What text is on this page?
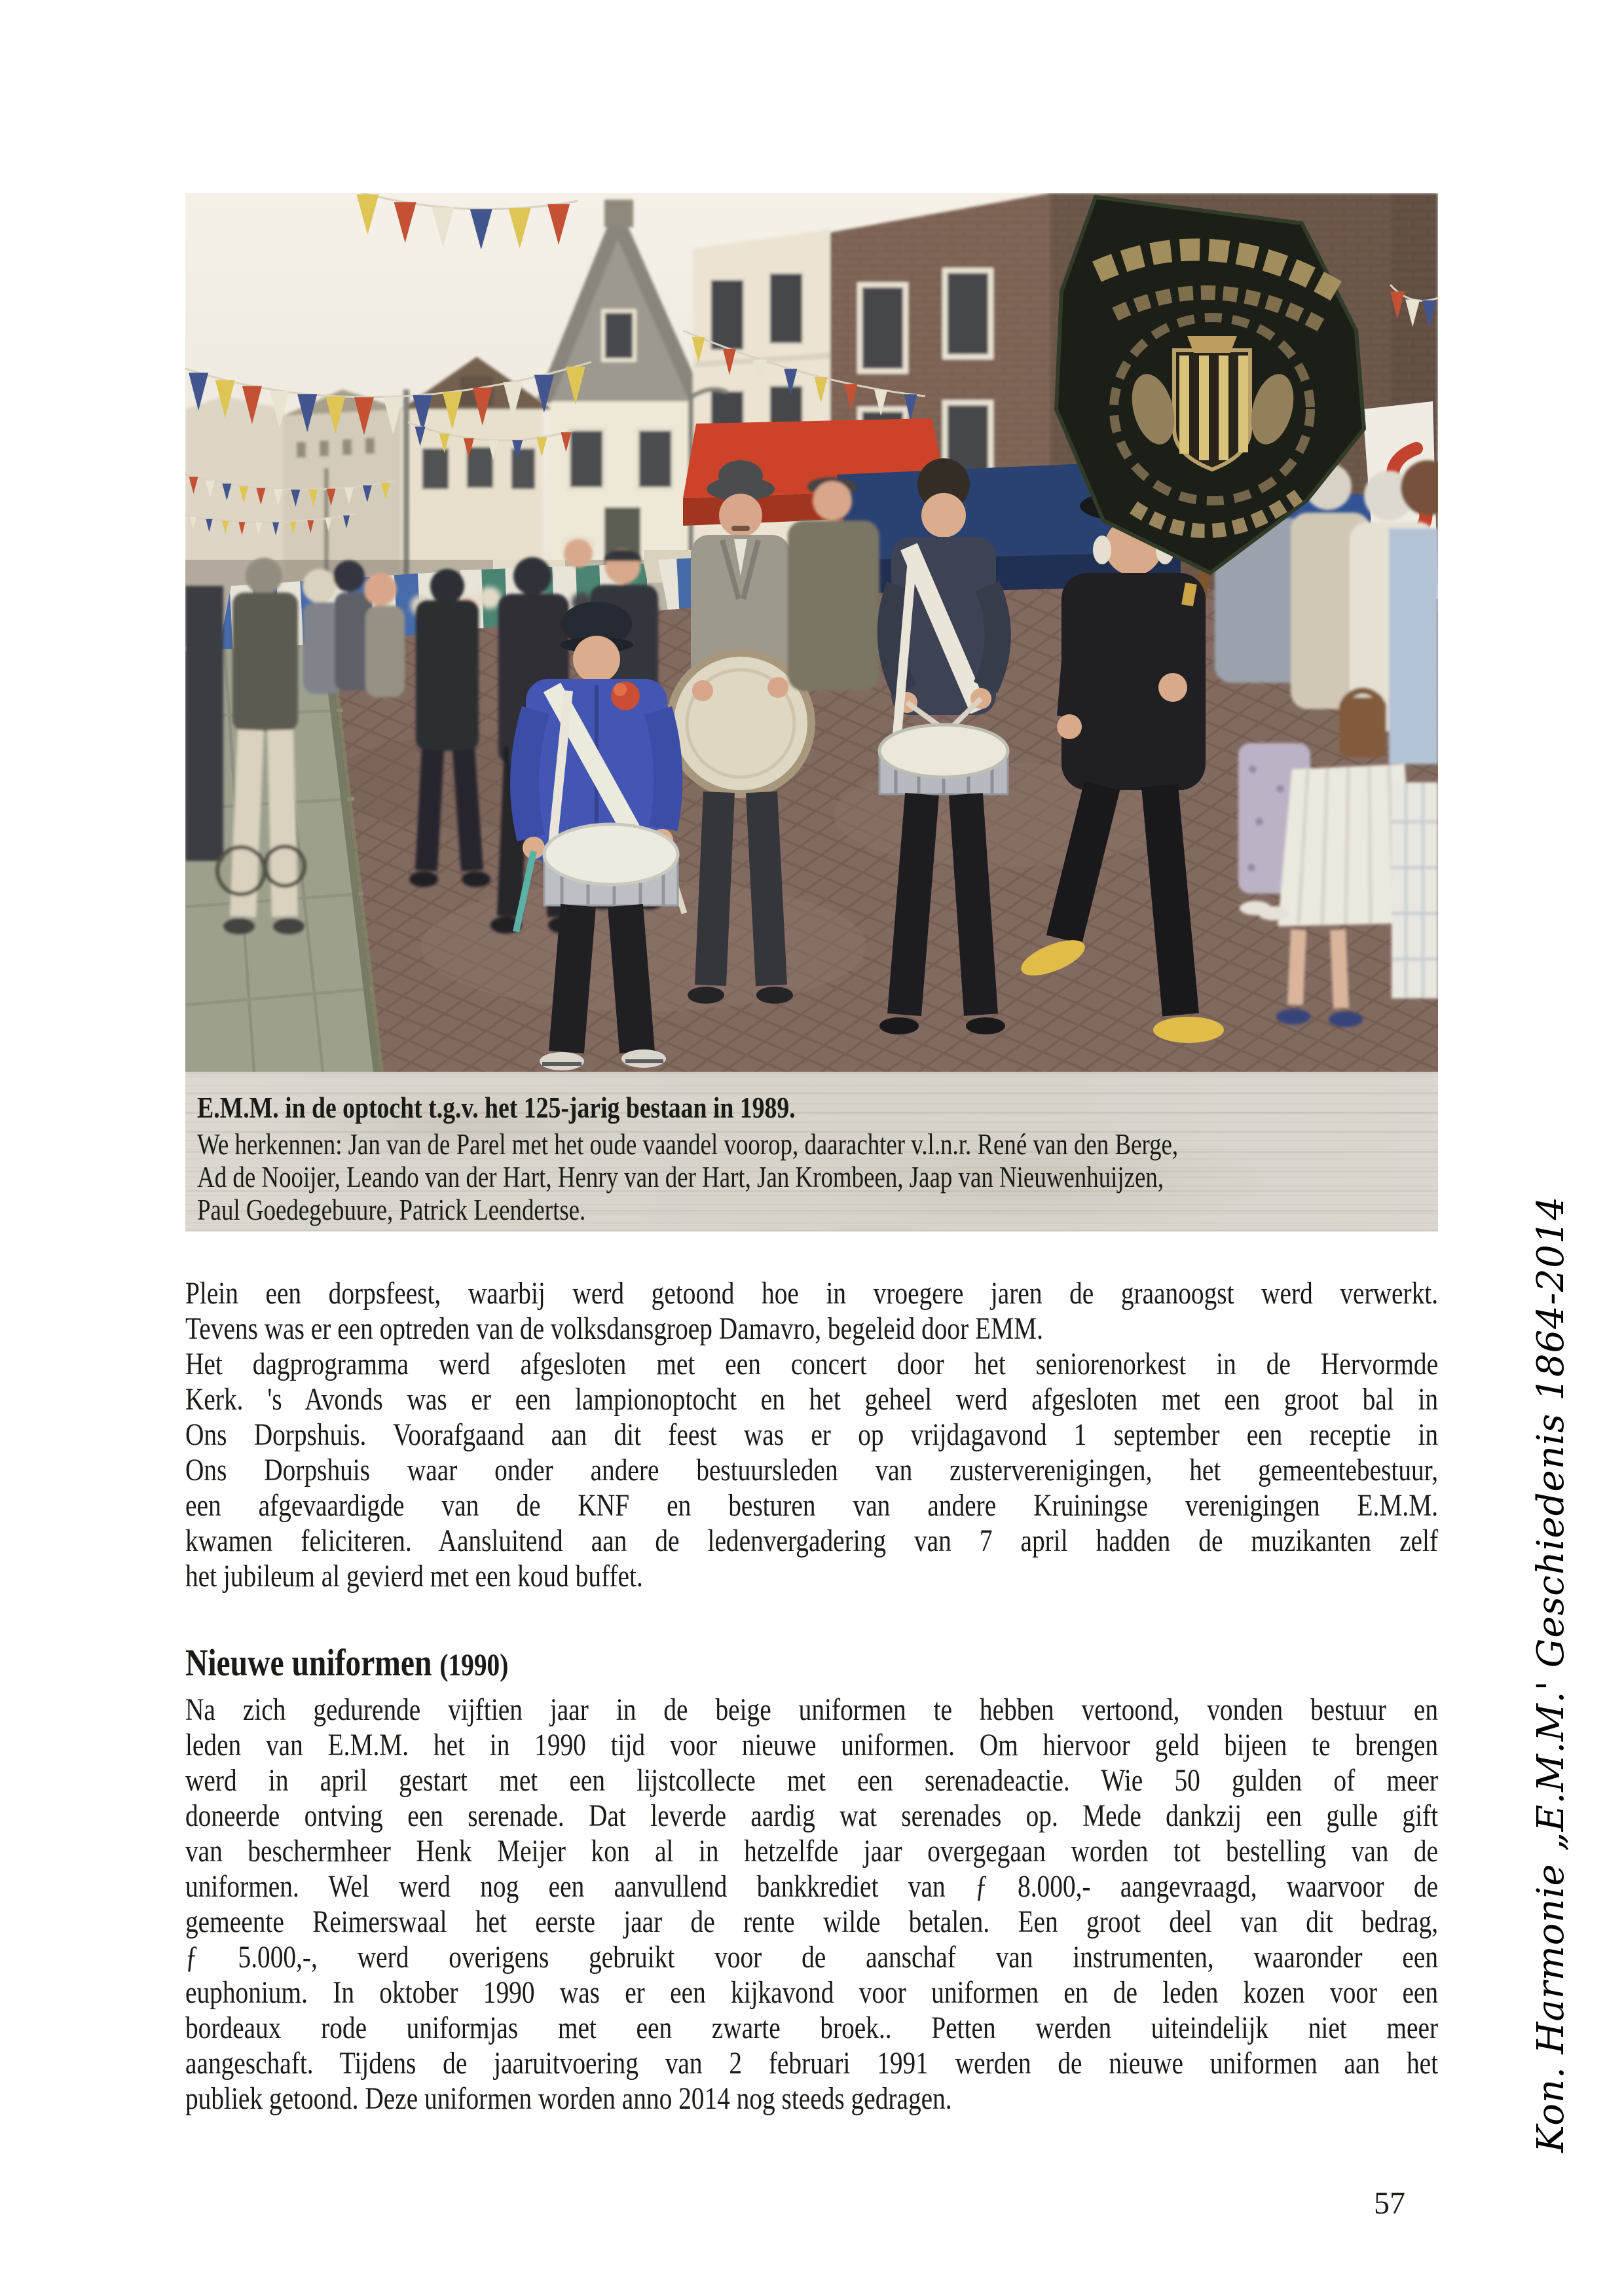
E.M.M. in de optocht t.g.v. het 125-jarig bestaan in 1989.
We herkennen: Jan van de Parel met het oude vaandel voorop, daarachter v.l.n.r. René van den Berge,
Ad de Nooijer, Leando van der Hart, Henry van der Hart, Jan Krombeen, Jaap van Nieuwenhuijzen,
Paul Goedegebuure, Patrick Leendertse.
Plein een dorpsfeest, waarbij werd getoond hoe in vroegere jaren de graanoogst werd verwerkt.
Tevens was er een optreden van de volksdansgroep Damavro, begeleid door EMM.
Het dagprogramma werd afgesloten met een concert door het seniorenorkest in de Hervormde
Kerk. 's Avonds was er een lampionoptocht en het geheel werd afgesloten met een groot bal in
Ons Dorpshuis. Voorafgaand aan dit feest was er op vrijdagavond 1 september een receptie in
Ons Dorpshuis waar onder andere bestuursleden van zusterverenigingen, het gemeentebestuur,
een afgevaardigde van de KNF en besturen van andere Kruiningse verenigingen E.M.M.
kwamen feliciteren. Aansluitend aan de ledenvergadering van 7 april hadden de muzikanten zelf
het jubileum al gevierd met een koud buffet.
Nieuwe uniformen (1990)
Na zich gedurende vijftien jaar in de beige uniformen te hebben vertoond, vonden bestuur en
leden van E.M.M. het in 1990 tijd voor nieuwe uniformen. Om hiervoor geld bijeen te brengen
werd in april gestart met een lijstcollecte met een serenadeactie. Wie 50 gulden of meer
doneerde ontving een serenade. Dat leverde aardig wat serenades op. Mede dankzij een gulle gift
van beschermheer Henk Meijer kon al in hetzelfde jaar overgegaan worden tot bestelling van de
uniformen. Wel werd nog een aanvullend bankkrediet van ƒ 8.000,- aangevraagd, waarvoor de
gemeente Reimerswaal het eerste jaar de rente wilde betalen. Een groot deel van dit bedrag,
ƒ 5.000,-, werd overigens gebruikt voor de aanschaf van instrumenten, waaronder een
euphonium. In oktober 1990 was er een kijkavond voor uniformen en de leden kozen voor een
bordeaux rode uniformjas met een zwarte broek.. Petten werden uiteindelijk niet meer
aangeschaft. Tijdens de jaaruitvoering van 2 februari 1991 werden de nieuwe uniformen aan het
publiek getoond. Deze uniformen worden anno 2014 nog steeds gedragen.	Kon. Harmonie „E.M.M.' Geschiedenis 1864-2014
57
